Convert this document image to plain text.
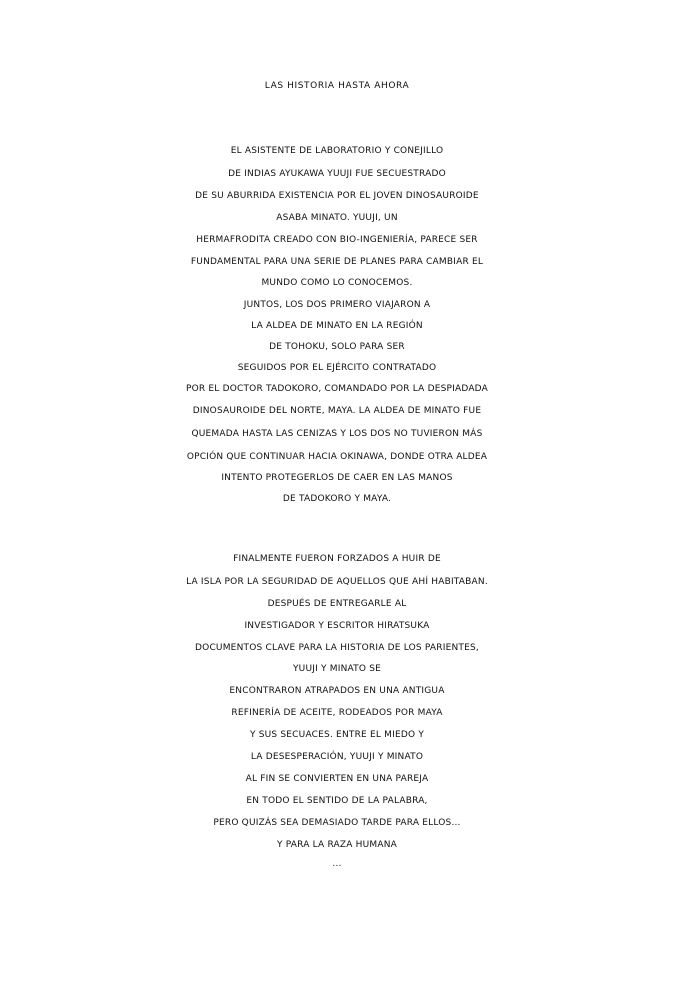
LAS HISTORIA HASTA AHORA
EL ASISTENTE DE LABORATORIO Y CONEJILLO
DE INDIAS AYUKAWA YUUJI FUE SECUESTRADO
DE SU ABURRIDA EXISTENCIA POR EL JOVEN DINOSAUROIDE
ASABA MINATO. YUUJI, UN
HERMAFRODITA CREADO CON BIO-INGENIERÍA, PARECE SER
FUNDAMENTAL PARA UNA SERIE DE PLANES PARA CAMBIAR EL
MUNDO COMO LO CONOCEMOS.
JUNTOS, LOS DOS PRIMERO VIAJARON A
LA ALDEA DE MINATO EN LA REGIÓN
DE TOHOKU, SOLO PARA SER
SEGUIDOS POR EL EJÉRCITO CONTRATADO
POR EL DOCTOR TADOKORO, COMANDADO POR LA DESPIADADA
DINOSAUROIDE DEL NORTE, MAYA. LA ALDEA DE MINATO FUE
QUEMADA HASTA LAS CENIZAS Y LOS DOS NO TUVIERON MÁS
OPCIÓN QUE CONTINUAR HACIA OKINAWA, DONDE OTRA ALDEA
INTENTO PROTEGERLOS DE CAER EN LAS MANOS
DE TADOKORO Y MAYA.
FINALMENTE FUERON FORZADOS A HUIR DE
LA ISLA POR LA SEGURIDAD DE AQUELLOS QUE AHÍ HABITABAN.
DESPUÉS DE ENTREGARLE AL
INVESTIGADOR Y ESCRITOR HIRATSUKA
DOCUMENTOS CLAVE PARA LA HISTORIA DE LOS PARIENTES,
YUUJI Y MINATO SE
ENCONTRARON ATRAPADOS EN UNA ANTIGUA
REFINERÍA DE ACEITE, RODEADOS POR MAYA
Y SUS SECUACES. ENTRE EL MIEDO Y
LA DESESPERACIÓN, YUUJI Y MINATO
AL FIN SE CONVIERTEN EN UNA PAREJA
EN TODO EL SENTIDO DE LA PALABRA,
PERO QUIZÁS SEA DEMASIADO TARDE PARA ELLOS...
Y PARA LA RAZA HUMANA
...
